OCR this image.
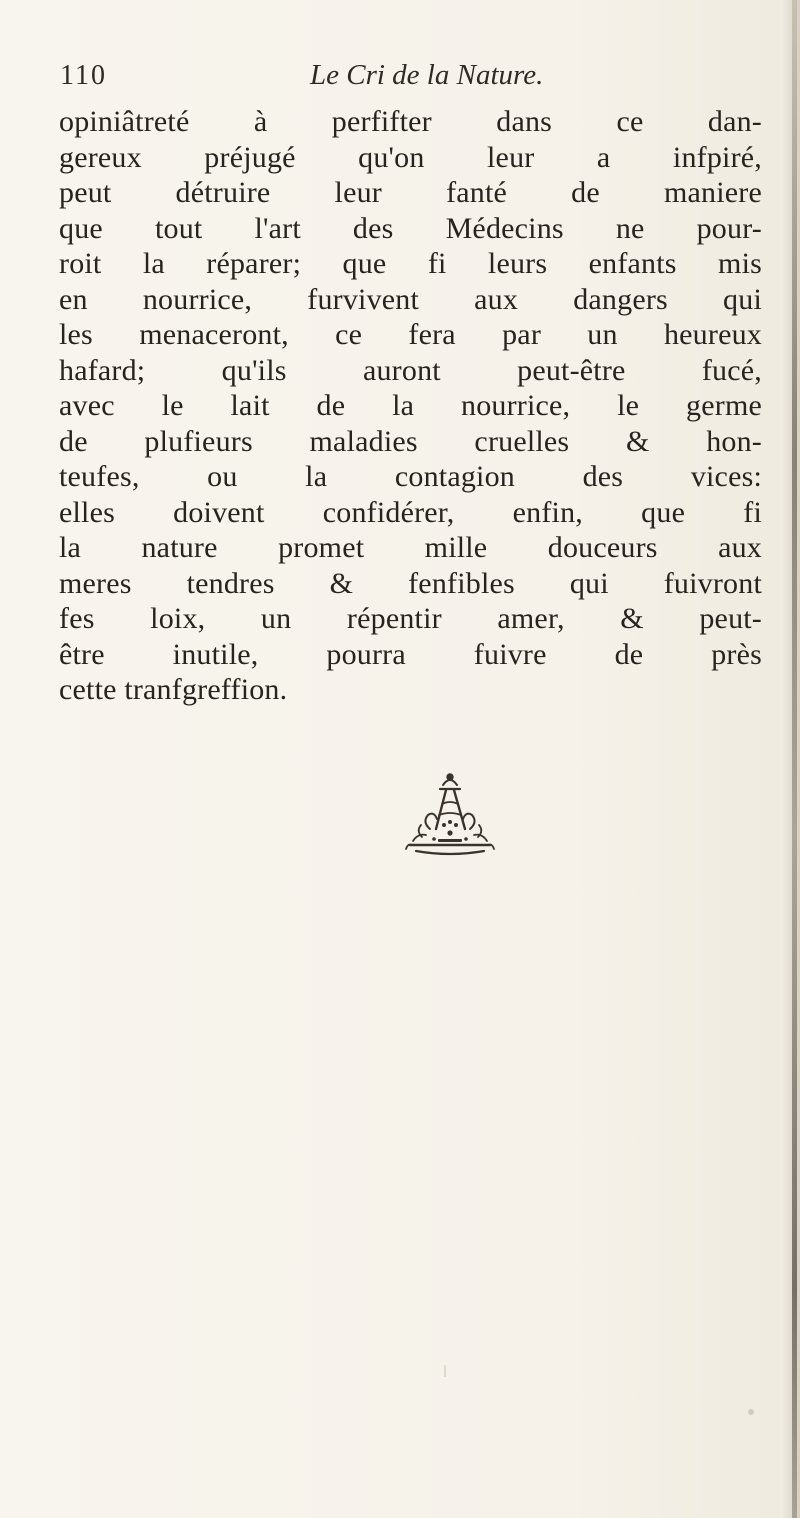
110	Le Cri de la Nature.
opiniâtreté à perfifter dans ce dan-
gereux préjugé qu'on leur a infpiré,
peut détruire leur fanté de maniere
que tout l'art des Médecins ne pour-
roit la réparer; que fi leurs enfants mis
en nourrice, furvivent aux dangers qui
les menaceront, ce fera par un heureux
hafard; qu'ils auront peut-être fucé,
avec le lait de la nourrice, le germe
de plufieurs maladies cruelles & hon-
teufes, ou la contagion des vices:
elles doivent confidérer, enfin, que fi
la nature promet mille douceurs aux
meres tendres & fenfibles qui fuivront
fes loix, un répentir amer, & peut-
être inutile, pourra fuivre de près
cette tranfgreffion.
